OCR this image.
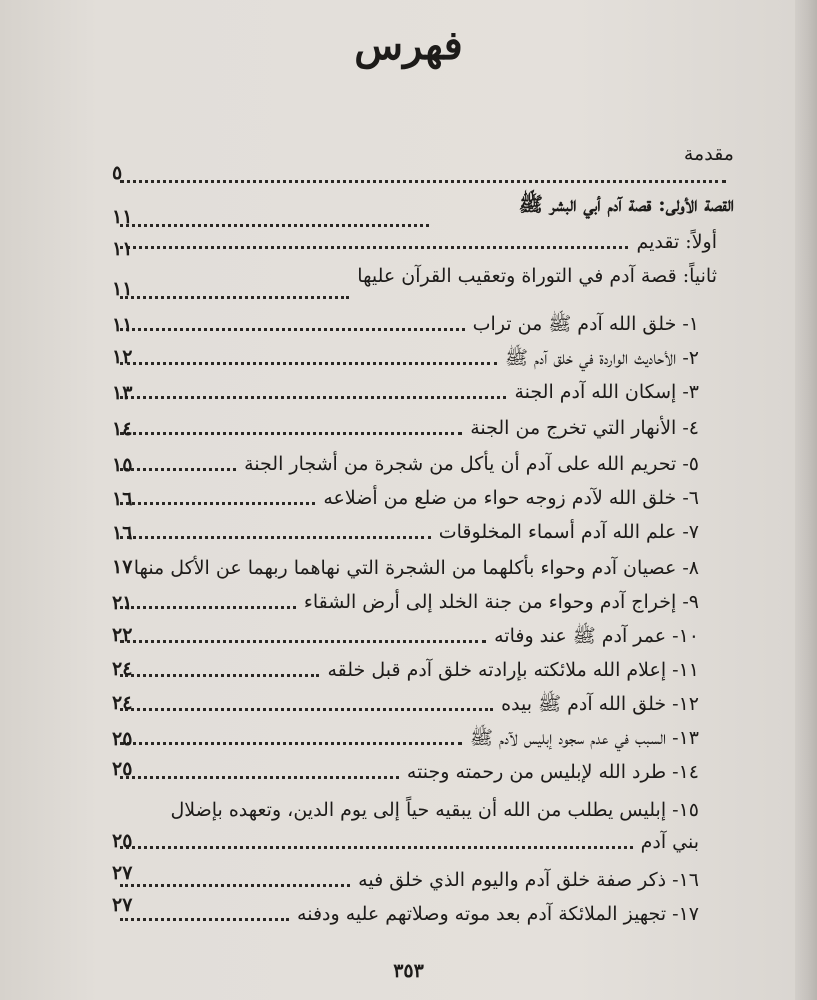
فهرس
مقدمة
٥
القصة الأولى: قصة آدم أبي البشر ﷺ
١١
أولاً: تقديم
١١
ثانياً: قصة آدم في التوراة وتعقيب القرآن عليها
١١
١- خلق الله آدم ﷺ من تراب
١١
٢- الأحاديث الواردة في خلق آدم ﷺ
١٢
٣- إسكان الله آدم الجنة
١٣
٤- الأنهار التي تخرج من الجنة
١٤
٥- تحريم الله على آدم أن يأكل من شجرة من أشجار الجنة
١٥
٦- خلق الله لآدم زوجه حواء من ضلع من أضلاعه
١٦
٧- علم الله آدم أسماء المخلوقات
١٦
٨- عصيان آدم وحواء بأكلهما من الشجرة التي نهاهما ربهما عن الأكل منها
١٧
٩- إخراج آدم وحواء من جنة الخلد إلى أرض الشقاء
٢١
١٠- عمر آدم ﷺ عند وفاته
٢٢
١١- إعلام الله ملائكته بإرادته خلق آدم قبل خلقه
٢٤
١٢- خلق الله آدم ﷺ بيده
٢٤
١٣- السبب في عدم سجود إبليس لآدم ﷺ
٢٥
١٤- طرد الله لإبليس من رحمته وجنته
٢٥
١٥- إبليس يطلب من الله أن يبقيه حياً إلى يوم الدين، وتعهده بإضلال
بني آدم
٢٥
١٦- ذكر صفة خلق آدم واليوم الذي خلق فيه
٢٧
١٧- تجهيز الملائكة آدم بعد موته وصلاتهم عليه ودفنه
٢٧
٣٥٣
